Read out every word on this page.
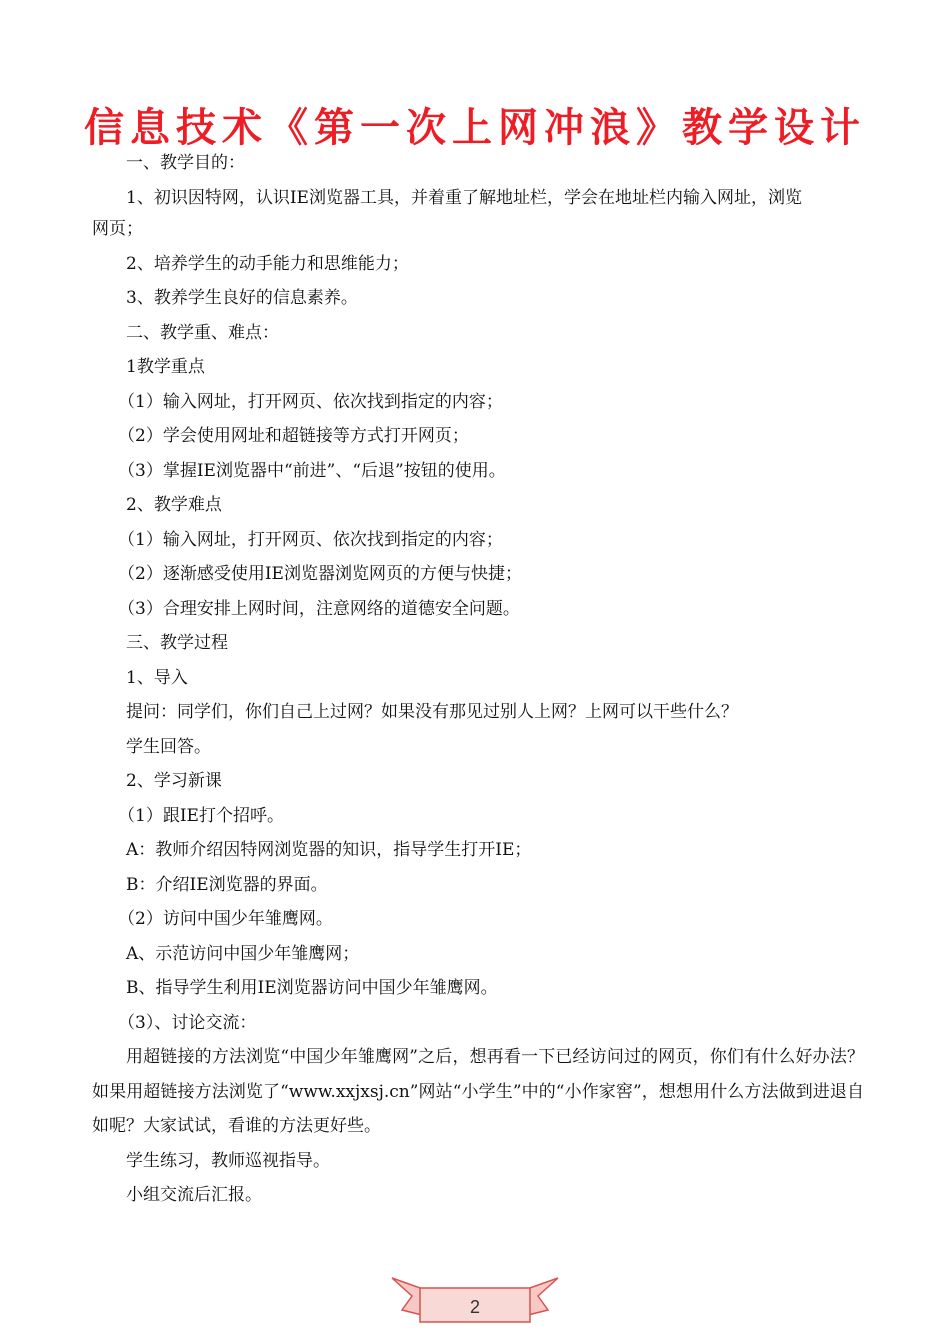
信息技术《第一次上网冲浪》教学设计

一、教学目的：

1、初识因特网，认识IE浏览器工具，并着重了解地址栏，学会在地址栏内输入网址，浏览

网页；

2、培养学生的动手能力和思维能力；

3、教养学生良好的信息素养。

二、教学重、难点：

1教学重点

（1）输入网址，打开网页、依次找到指定的内容；

（2）学会使用网址和超链接等方式打开网页；

（3）掌握IE浏览器中“前进”、“后退”按钮的使用。

2、教学难点

（1）输入网址，打开网页、依次找到指定的内容；

（2）逐渐感受使用IE浏览器浏览网页的方便与快捷；

（3）合理安排上网时间，注意网络的道德安全问题。

三、教学过程

1、导入

提问：同学们，你们自己上过网？如果没有那见过别人上网？上网可以干些什么？

学生回答。

2、学习新课

（1）跟IE打个招呼。

A：教师介绍因特网浏览器的知识，指导学生打开IE；

B：介绍IE浏览器的界面。

（2）访问中国少年雏鹰网。

A、示范访问中国少年雏鹰网；

B、指导学生利用IE浏览器访问中国少年雏鹰网。

（3）、讨论交流：

用超链接的方法浏览“中国少年雏鹰网”之后，想再看一下已经访问过的网页，你们有什么好办法？如果用超链接方法浏览了“www.xxjxsj.cn”网站“小学生”中的“小作家窖”，想想用什么方法做到进退自如呢？大家试试，看谁的方法更好些。

学生练习，教师巡视指导。

小组交流后汇报。

2
